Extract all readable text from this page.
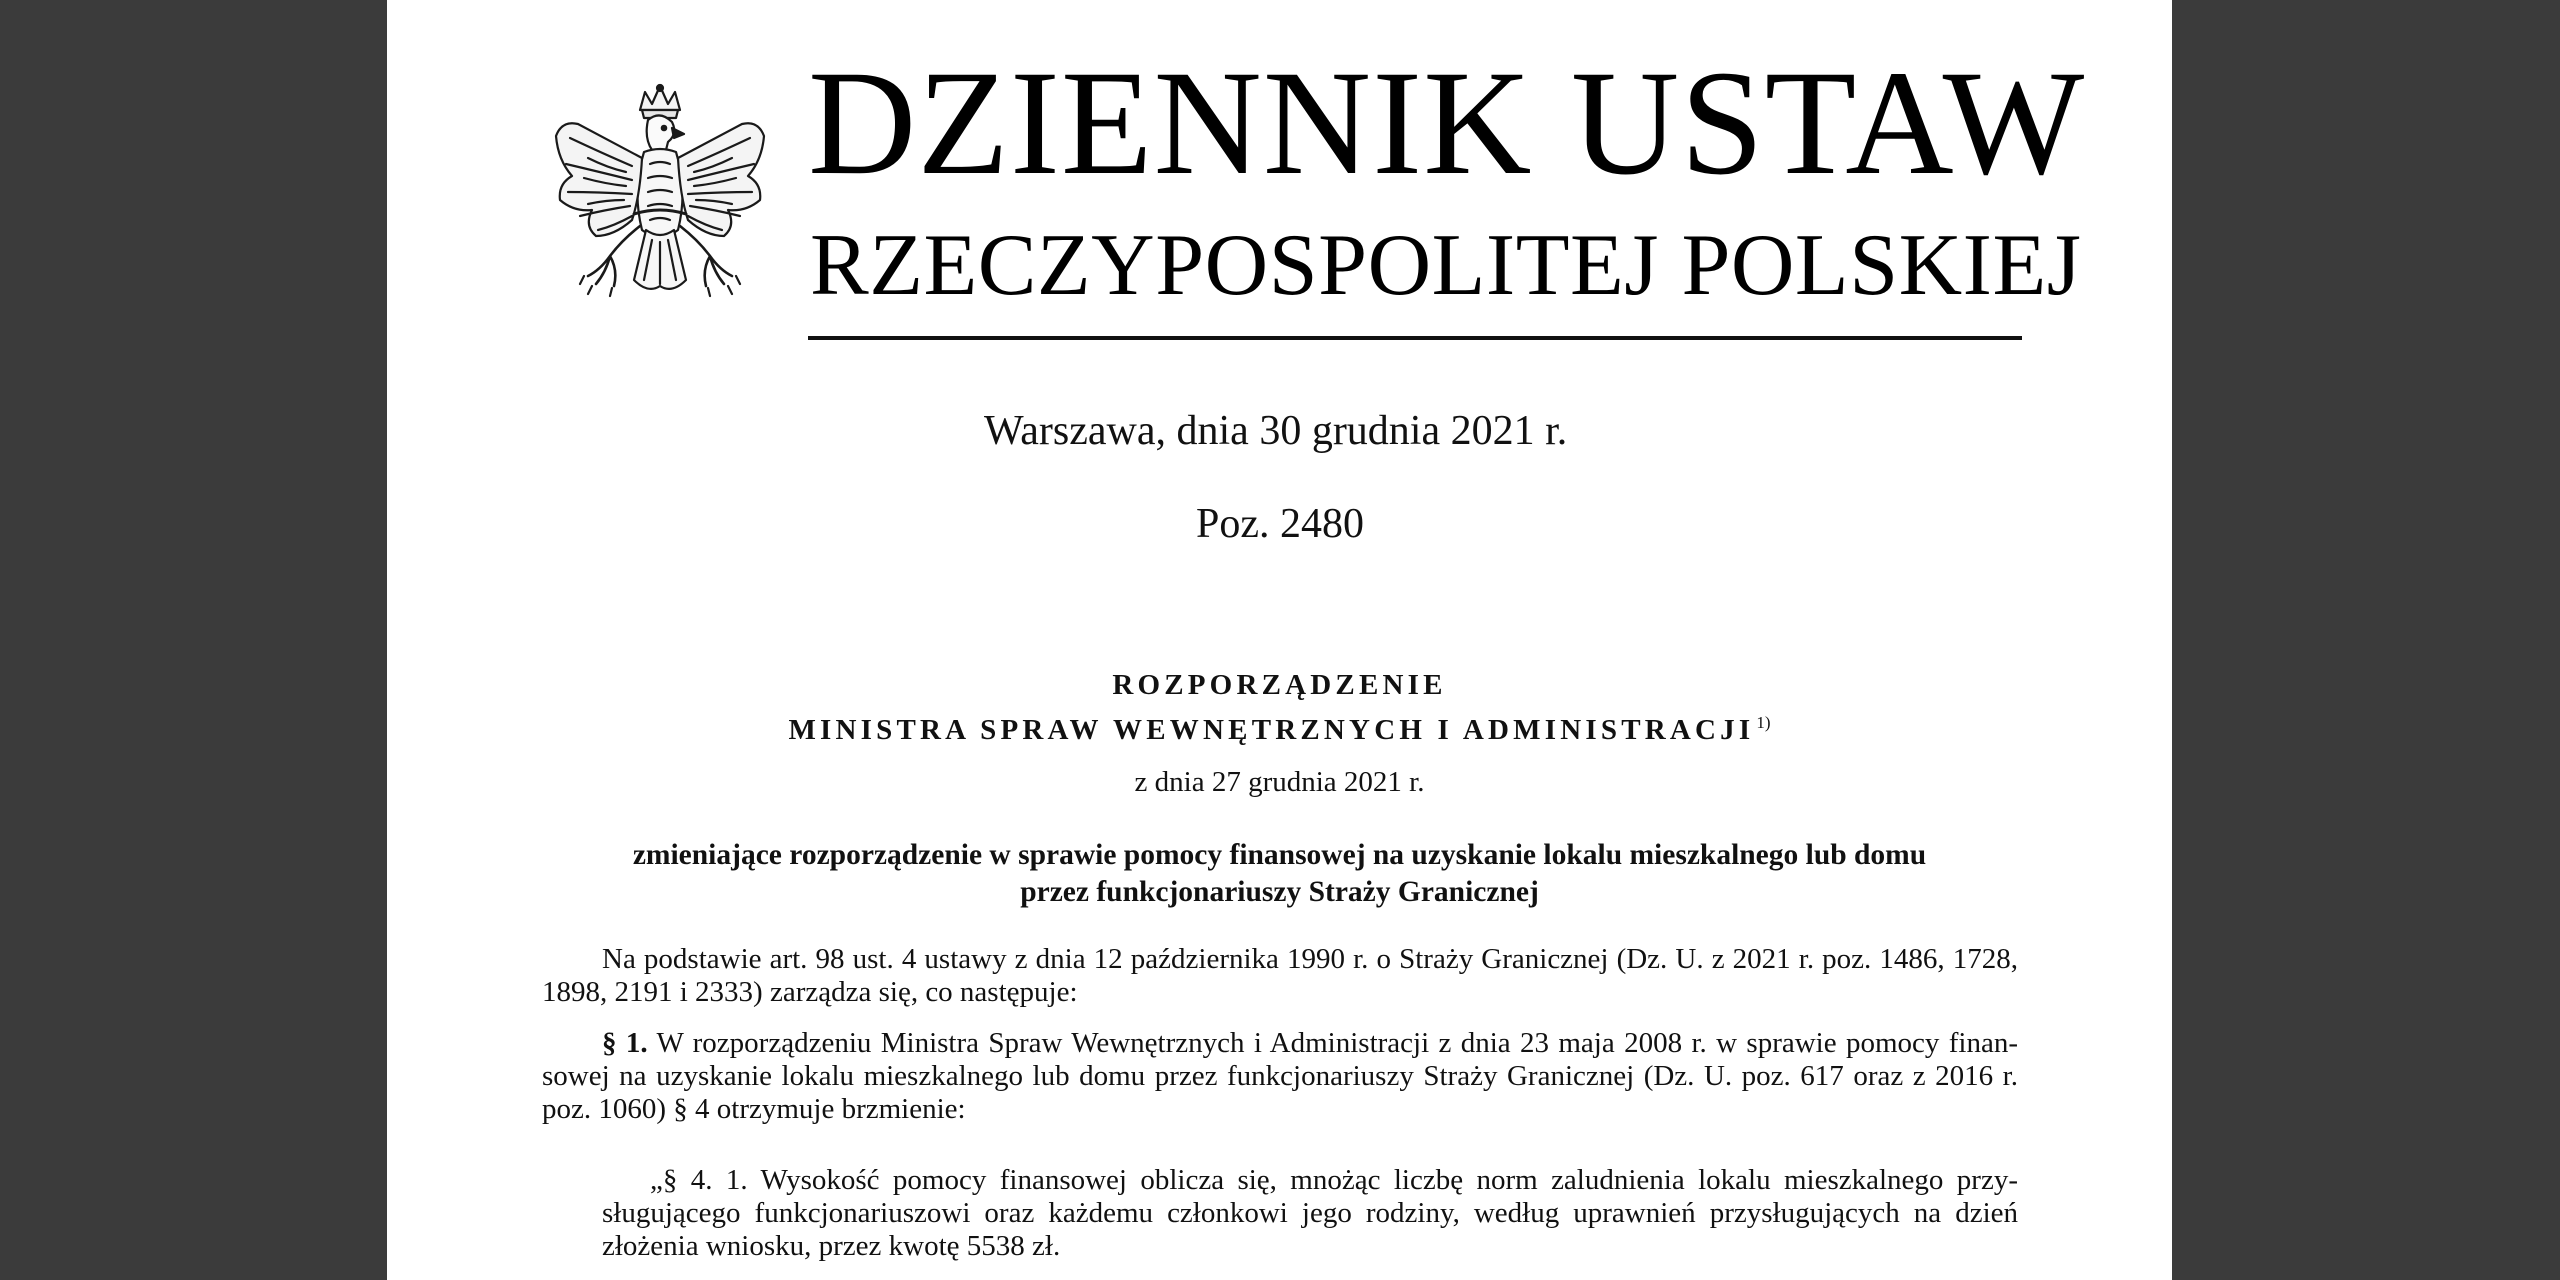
DZIENNIK USTAW
RZECZYPOSPOLITEJ POLSKIEJ
Warszawa, dnia 30 grudnia 2021 r.
Poz. 2480
ROZPORZĄDZENIE
MINISTRA SPRAW WEWNĘTRZNYCH I ADMINISTRACJI $^{1)}$
z dnia 27 grudnia 2021 r.
zmieniające rozporządzenie w sprawie pomocy finansowej na uzyskanie lokalu mieszkalnego lub domu
przez funkcjonariuszy Straży Granicznej

Na podstawie art. 98 ust. 4 ustawy z dnia 12 października 1990 r. o Straży Granicznej (Dz. U. z 2021 r. poz. 1486, 1728, 1898, 2191 i 2333) zarządza się, co następuje:

§ 1. W rozporządzeniu Ministra Spraw Wewnętrznych i Administracji z dnia 23 maja 2008 r. w sprawie pomocy finansowej na uzyskanie lokalu mieszkalnego lub domu przez funkcjonariuszy Straży Granicznej (Dz. U. poz. 617 oraz z 2016 r. poz. 1060) § 4 otrzymuje brzmienie:

„§ 4. 1. Wysokość pomocy finansowej oblicza się, mnożąc liczbę norm zaludnienia lokalu mieszkalnego przysługującego funkcjonariuszowi oraz każdemu członkowi jego rodziny, według uprawnień przysługujących na dzień złożenia wniosku, przez kwotę 5538 zł.
